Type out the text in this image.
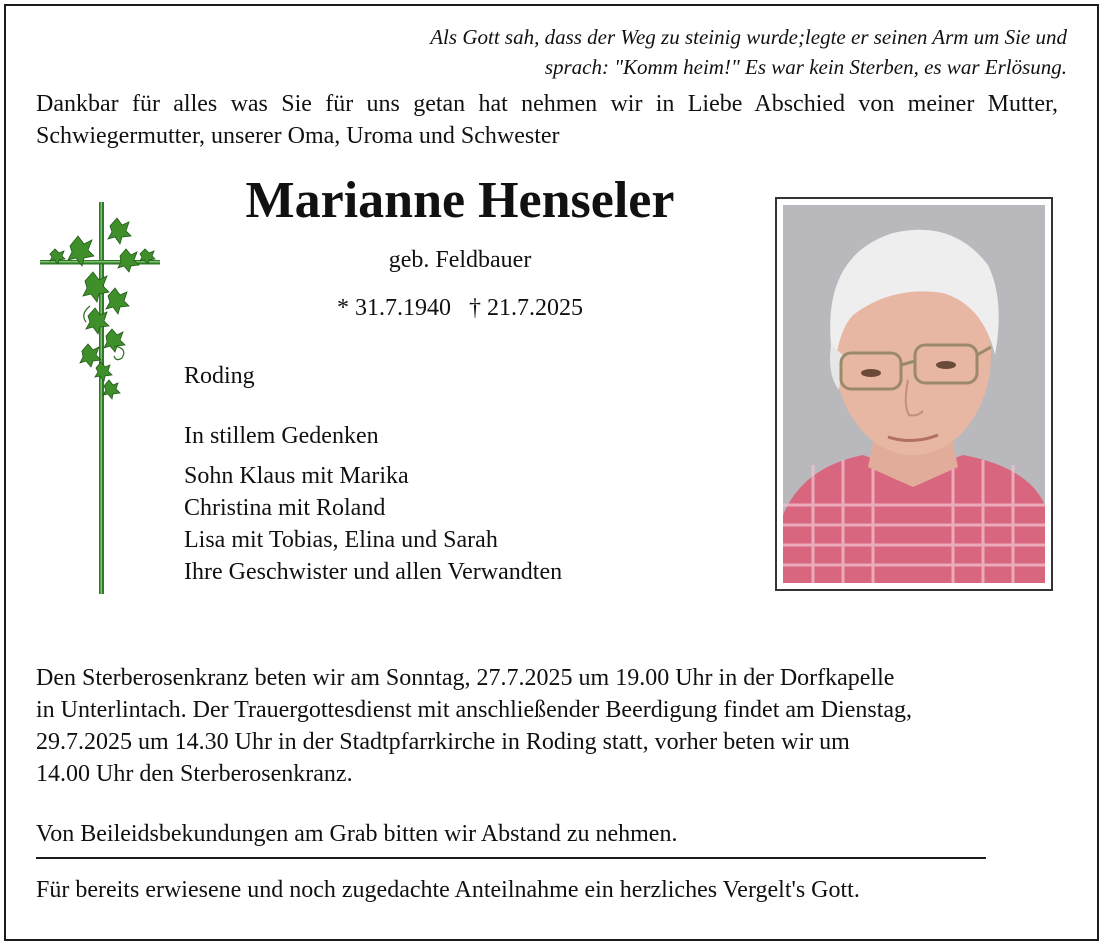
Als Gott sah, dass der Weg zu steinig wurde;legte er seinen Arm um Sie und
sprach: "Komm heim!" Es war kein Sterben, es war Erlösung.
Dankbar für alles was Sie für uns getan hat nehmen wir in Liebe Abschied von meiner Mutter, Schwiegermutter, unserer Oma, Uroma und Schwester
Marianne Henseler
geb. Feldbauer
* 31.7.1940   † 21.7.2025
Roding
In stillem Gedenken
Sohn Klaus mit Marika
Christina mit Roland
Lisa mit Tobias, Elina und Sarah
Ihre Geschwister und allen Verwandten
Den Sterberosenkranz beten wir am Sonntag, 27.7.2025 um 19.00 Uhr in der Dorfkapelle
in Unterlintach. Der Trauergottesdienst mit anschließender Beerdigung findet am Dienstag,
29.7.2025 um 14.30 Uhr in der Stadtpfarrkirche in Roding statt, vorher beten wir um
14.00 Uhr den Sterberosenkranz.
Von Beileidsbekundungen am Grab bitten wir Abstand zu nehmen.
Für bereits erwiesene und noch zugedachte Anteilnahme ein herzliches Vergelt's Gott.
